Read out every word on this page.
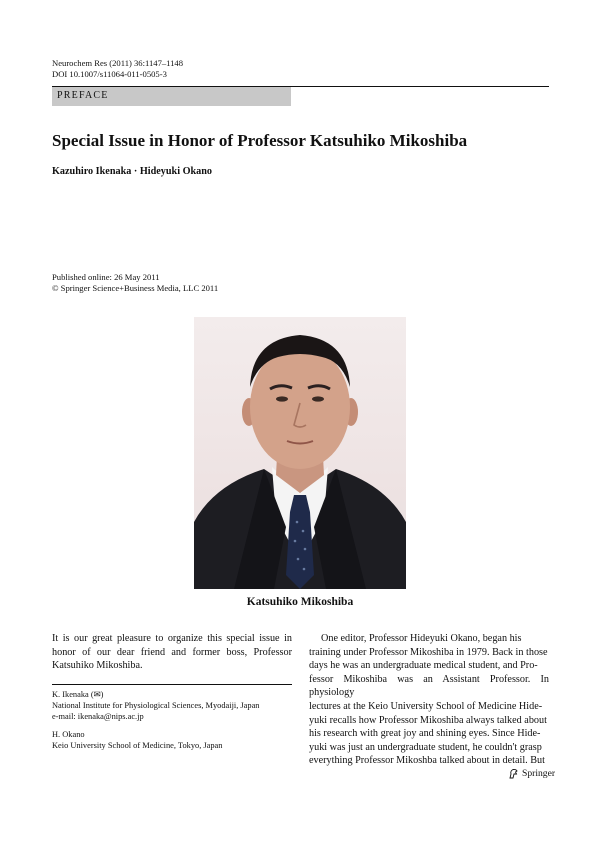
Neurochem Res (2011) 36:1147–1148
DOI 10.1007/s11064-011-0505-3
PREFACE
Special Issue in Honor of Professor Katsuhiko Mikoshiba
Kazuhiro Ikenaka · Hideyuki Okano
Published online: 26 May 2011
© Springer Science+Business Media, LLC 2011
Katsuhiko Mikoshiba
It is our great pleasure to organize this special issue in honor of our dear friend and former boss, Professor Katsuhiko Mikoshiba.
K. Ikenaka (✉)
National Institute for Physiological Sciences, Myodaiji, Japan
e-mail: ikenaka@nips.ac.jp
H. Okano
Keio University School of Medicine, Tokyo, Japan
One editor, Professor Hideyuki Okano, began his
training under Professor Mikoshiba in 1979. Back in those
days he was an undergraduate medical student, and Pro-
fessor Mikoshiba was an Assistant Professor. In physiology
lectures at the Keio University School of Medicine Hide-
yuki recalls how Professor Mikoshiba always talked about
his research with great joy and shining eyes. Since Hide-
yuki was just an undergraduate student, he couldn't grasp
everything Professor Mikoshba talked about in detail. But
Springer
